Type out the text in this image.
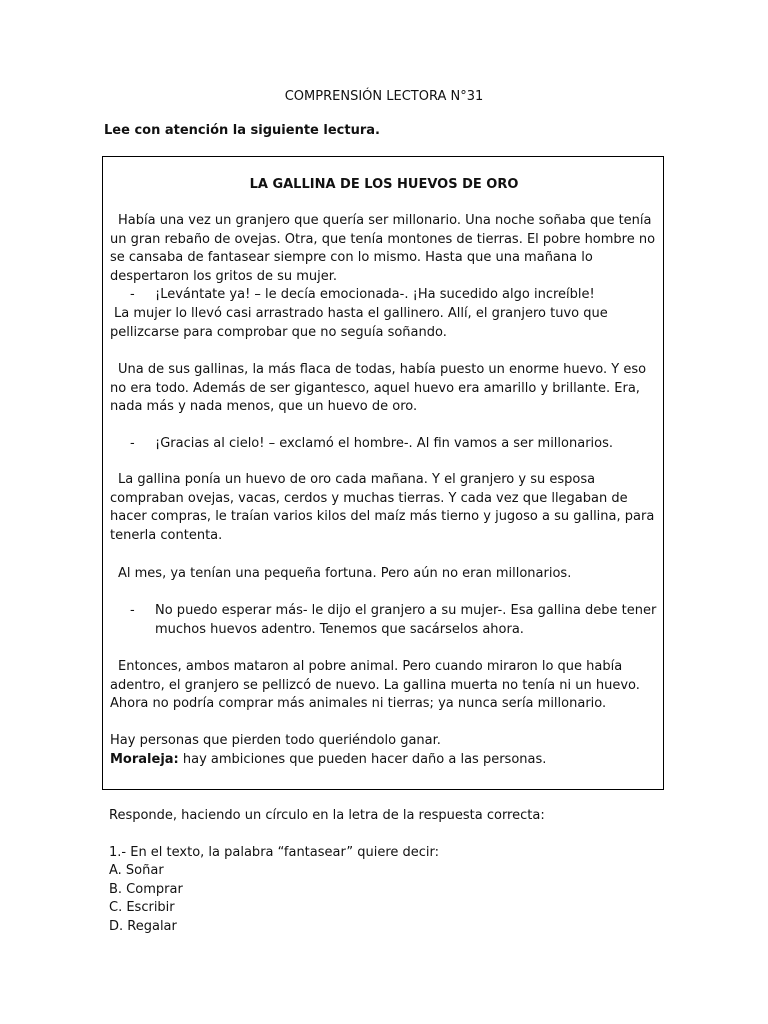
COMPRENSIÓN LECTORA N°31
Lee con atención la siguiente lectura.
LA GALLINA DE LOS HUEVOS DE ORO

Había una vez un granjero que quería ser millonario. Una noche soñaba que tenía

un gran rebaño de ovejas. Otra, que tenía montones de tierras. El pobre hombre no

se cansaba de fantasear siempre con lo mismo. Hasta que una mañana lo

despertaron los gritos de su mujer.

- ¡Levántate ya! – le decía emocionada-. ¡Ha sucedido algo increíble!

La mujer lo llevó casi arrastrado hasta el gallinero. Allí, el granjero tuvo que

pellizcarse para comprobar que no seguía soñando.

Una de sus gallinas, la más flaca de todas, había puesto un enorme huevo. Y eso

no era todo. Además de ser gigantesco, aquel huevo era amarillo y brillante. Era,

nada más y nada menos, que un huevo de oro.

- ¡Gracias al cielo! – exclamó el hombre-. Al fin vamos a ser millonarios.

La gallina ponía un huevo de oro cada mañana. Y el granjero y su esposa

compraban ovejas, vacas, cerdos y muchas tierras. Y cada vez que llegaban de

hacer compras, le traían varios kilos del maíz más tierno y jugoso a su gallina, para

tenerla contenta.

Al mes, ya tenían una pequeña fortuna. Pero aún no eran millonarios.

- No puedo esperar más- le dijo el granjero a su mujer-. Esa gallina debe tener

muchos huevos adentro. Tenemos que sacárselos ahora.

Entonces, ambos mataron al pobre animal. Pero cuando miraron lo que había

adentro, el granjero se pellizcó de nuevo. La gallina muerta no tenía ni un huevo.

Ahora no podría comprar más animales ni tierras; ya nunca sería millonario.

Hay personas que pierden todo queriéndolo ganar.

Moraleja: hay ambiciones que pueden hacer daño a las personas.

Responde, haciendo un círculo en la letra de la respuesta correcta:
1.- En el texto, la palabra “fantasear” quiere decir:
A. Soñar
B. Comprar
C. Escribir
D. Regalar
